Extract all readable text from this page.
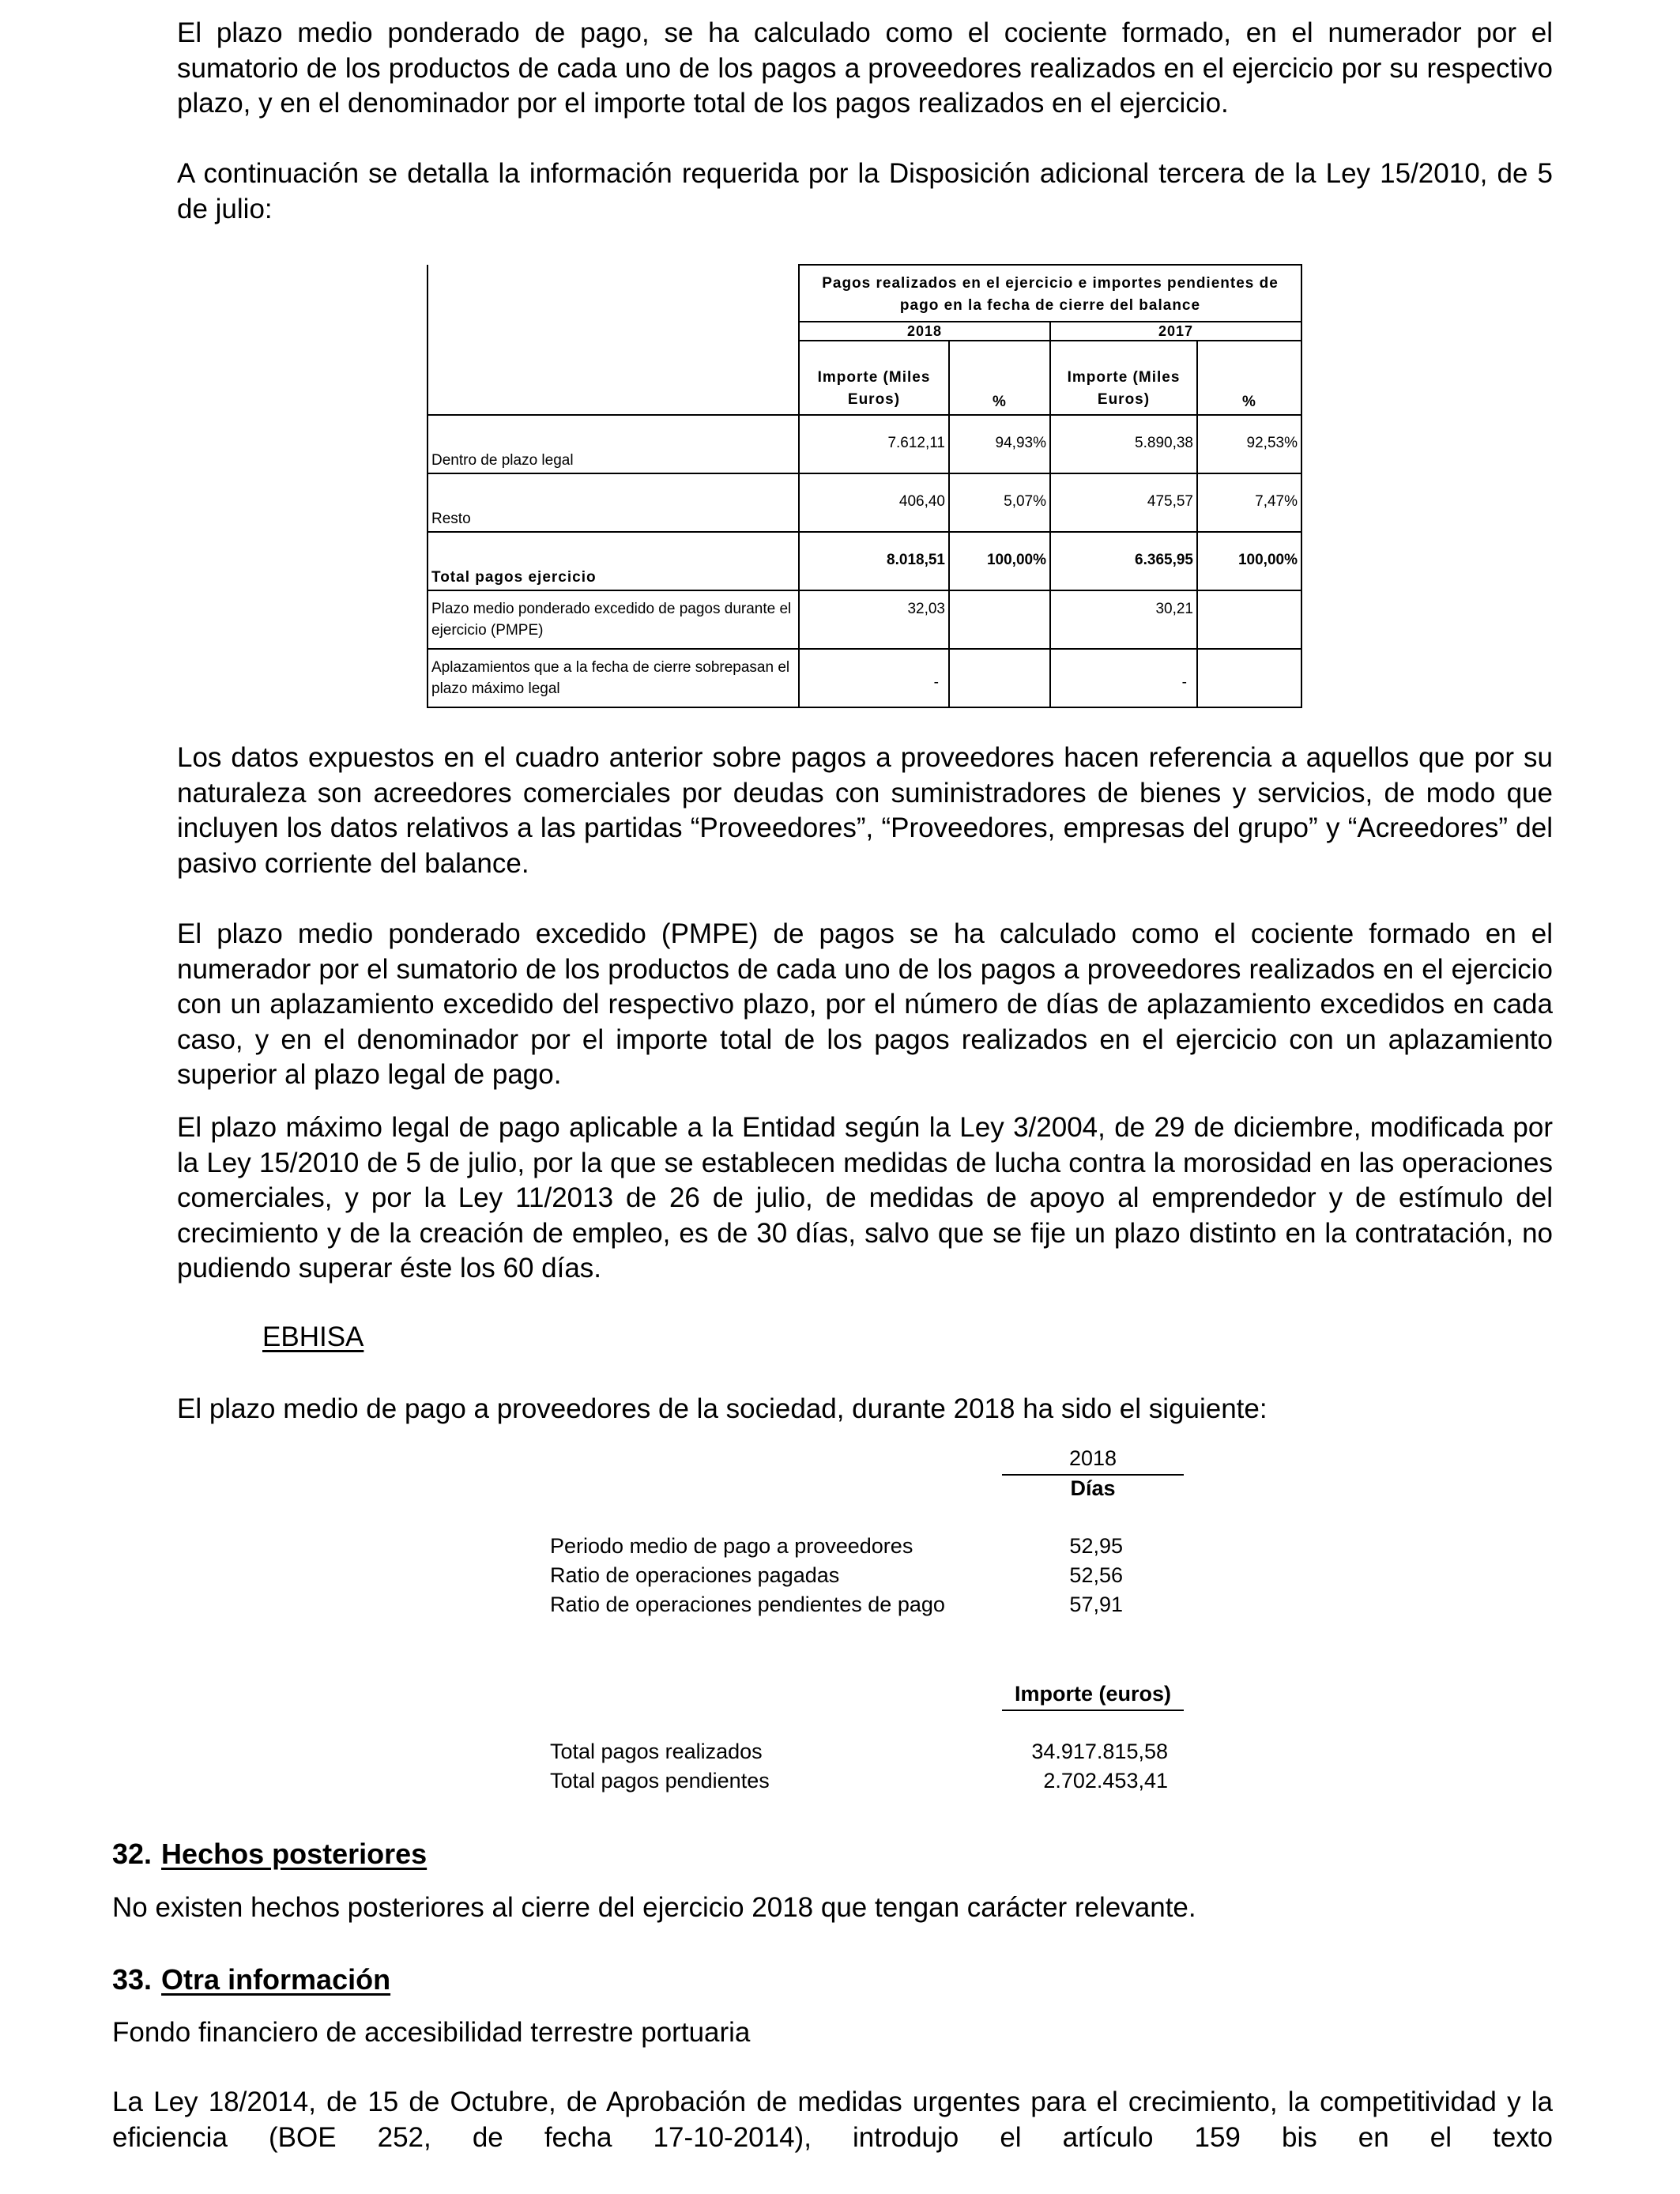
El plazo medio ponderado de pago, se ha calculado como el cociente formado, en el numerador por el sumatorio de los productos de cada uno de los pagos a proveedores realizados en el ejercicio por su respectivo plazo, y en el denominador por el importe total de los pagos realizados en el ejercicio.

A continuación se detalla la información requerida por la Disposición adicional tercera de la Ley 15/2010, de 5 de julio:

	Pagos realizados en el ejercicio e importes pendientes de pago en la fecha de cierre del balance			
	2018		2017	
	Importe (Miles Euros)	%	Importe (Miles Euros)	%
Dentro de plazo legal	7.612,11	94,93%	5.890,38	92,53%
Resto	406,40	5,07%	475,57	7,47%
Total pagos ejercicio	8.018,51	100,00%	6.365,95	100,00%
Plazo medio ponderado excedido de pagos durante el ejercicio (PMPE)	32,03		30,21	
Aplazamientos que a la fecha de cierre sobrepasan el plazo máximo legal	-		-	

Los datos expuestos en el cuadro anterior sobre pagos a proveedores hacen referencia a aquellos que por su naturaleza son acreedores comerciales por deudas con suministradores de bienes y servicios, de modo que incluyen los datos relativos a las partidas “Proveedores”, “Proveedores, empresas del grupo” y “Acreedores” del pasivo corriente del balance.

El plazo medio ponderado excedido (PMPE) de pagos se ha calculado como el cociente formado en el numerador por el sumatorio de los productos de cada uno de los pagos a proveedores realizados en el ejercicio con un aplazamiento excedido del respectivo plazo, por el número de días de aplazamiento excedidos en cada caso, y en el denominador por el importe total de los pagos realizados en el ejercicio con un aplazamiento superior al plazo legal de pago.

El plazo máximo legal de pago aplicable a la Entidad según la Ley 3/2004, de 29 de diciembre, modificada por la Ley 15/2010 de 5 de julio, por la que se establecen medidas de lucha contra la morosidad en las operaciones comerciales, y por la Ley 11/2013 de 26 de julio, de medidas de apoyo al emprendedor y de estímulo del crecimiento y de la creación de empleo, es de 30 días, salvo que se fije un plazo distinto en la contratación, no pudiendo superar éste los 60 días.

EBHISA

El plazo medio de pago a proveedores de la sociedad, durante 2018 ha sido el siguiente:

2018
Días
Periodo medio de pago a proveedores	52,95
Ratio de operaciones pagadas	52,56
Ratio de operaciones pendientes de pago	57,91
Importe (euros)
Total pagos realizados	34.917.815,58
Total pagos pendientes	2.702.453,41
32. Hechos posteriores

No existen hechos posteriores al cierre del ejercicio 2018 que tengan carácter relevante.

33. Otra información

Fondo financiero de accesibilidad terrestre portuaria

La Ley 18/2014, de 15 de Octubre, de Aprobación de medidas urgentes para el crecimiento, la competitividad y la eficiencia (BOE 252, de fecha 17-10-2014), introdujo el artículo 159 bis en el texto
